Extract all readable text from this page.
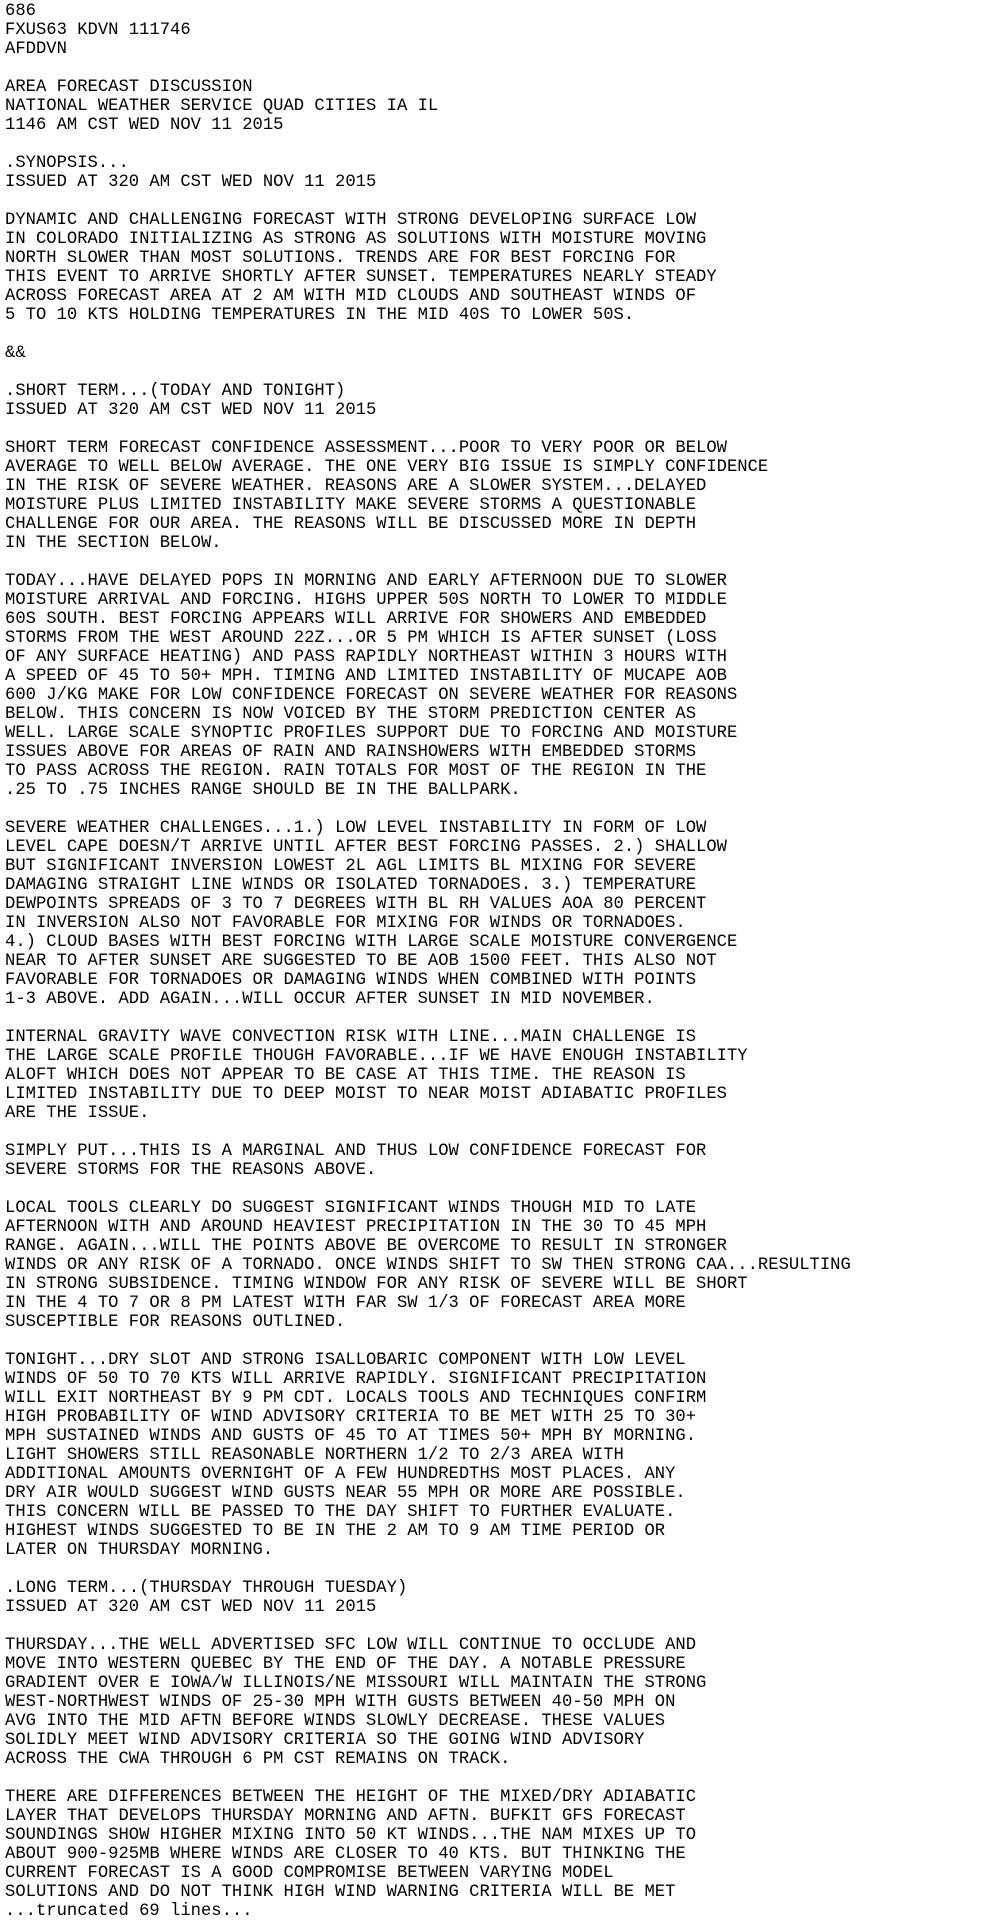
686
FXUS63 KDVN 111746
AFDDVN
AREA FORECAST DISCUSSION
NATIONAL WEATHER SERVICE QUAD CITIES IA IL
1146 AM CST WED NOV 11 2015
.SYNOPSIS...
ISSUED AT 320 AM CST WED NOV 11 2015
DYNAMIC AND CHALLENGING FORECAST WITH STRONG DEVELOPING SURFACE LOW
IN COLORADO INITIALIZING AS STRONG AS SOLUTIONS WITH MOISTURE MOVING
NORTH SLOWER THAN MOST SOLUTIONS. TRENDS ARE FOR BEST FORCING FOR
THIS EVENT TO ARRIVE SHORTLY AFTER SUNSET. TEMPERATURES NEARLY STEADY
ACROSS FORECAST AREA AT 2 AM WITH MID CLOUDS AND SOUTHEAST WINDS OF
5 TO 10 KTS HOLDING TEMPERATURES IN THE MID 40S TO LOWER 50S.
&&
.SHORT TERM...(TODAY AND TONIGHT)
ISSUED AT 320 AM CST WED NOV 11 2015
SHORT TERM FORECAST CONFIDENCE ASSESSMENT...POOR TO VERY POOR OR BELOW
AVERAGE TO WELL BELOW AVERAGE. THE ONE VERY BIG ISSUE IS SIMPLY CONFIDENCE
IN THE RISK OF SEVERE WEATHER. REASONS ARE A SLOWER SYSTEM...DELAYED
MOISTURE PLUS LIMITED INSTABILITY MAKE SEVERE STORMS A QUESTIONABLE
CHALLENGE FOR OUR AREA. THE REASONS WILL BE DISCUSSED MORE IN DEPTH
IN THE SECTION BELOW.
TODAY...HAVE DELAYED POPS IN MORNING AND EARLY AFTERNOON DUE TO SLOWER
MOISTURE ARRIVAL AND FORCING. HIGHS UPPER 50S NORTH TO LOWER TO MIDDLE
60S SOUTH. BEST FORCING APPEARS WILL ARRIVE FOR SHOWERS AND EMBEDDED
STORMS FROM THE WEST AROUND 22Z...OR 5 PM WHICH IS AFTER SUNSET (LOSS
OF ANY SURFACE HEATING) AND PASS RAPIDLY NORTHEAST WITHIN 3 HOURS WITH
A SPEED OF 45 TO 50+ MPH. TIMING AND LIMITED INSTABILITY OF MUCAPE AOB
600 J/KG MAKE FOR LOW CONFIDENCE FORECAST ON SEVERE WEATHER FOR REASONS
BELOW. THIS CONCERN IS NOW VOICED BY THE STORM PREDICTION CENTER AS
WELL. LARGE SCALE SYNOPTIC PROFILES SUPPORT DUE TO FORCING AND MOISTURE
ISSUES ABOVE FOR AREAS OF RAIN AND RAINSHOWERS WITH EMBEDDED STORMS
TO PASS ACROSS THE REGION. RAIN TOTALS FOR MOST OF THE REGION IN THE
.25 TO .75 INCHES RANGE SHOULD BE IN THE BALLPARK.
SEVERE WEATHER CHALLENGES...1.) LOW LEVEL INSTABILITY IN FORM OF LOW
LEVEL CAPE DOESN/T ARRIVE UNTIL AFTER BEST FORCING PASSES. 2.) SHALLOW
BUT SIGNIFICANT INVERSION LOWEST 2L AGL LIMITS BL MIXING FOR SEVERE
DAMAGING STRAIGHT LINE WINDS OR ISOLATED TORNADOES. 3.) TEMPERATURE
DEWPOINTS SPREADS OF 3 TO 7 DEGREES WITH BL RH VALUES AOA 80 PERCENT
IN INVERSION ALSO NOT FAVORABLE FOR MIXING FOR WINDS OR TORNADOES.
4.) CLOUD BASES WITH BEST FORCING WITH LARGE SCALE MOISTURE CONVERGENCE
NEAR TO AFTER SUNSET ARE SUGGESTED TO BE AOB 1500 FEET. THIS ALSO NOT
FAVORABLE FOR TORNADOES OR DAMAGING WINDS WHEN COMBINED WITH POINTS
1-3 ABOVE. ADD AGAIN...WILL OCCUR AFTER SUNSET IN MID NOVEMBER.
INTERNAL GRAVITY WAVE CONVECTION RISK WITH LINE...MAIN CHALLENGE IS
THE LARGE SCALE PROFILE THOUGH FAVORABLE...IF WE HAVE ENOUGH INSTABILITY
ALOFT WHICH DOES NOT APPEAR TO BE CASE AT THIS TIME. THE REASON IS
LIMITED INSTABILITY DUE TO DEEP MOIST TO NEAR MOIST ADIABATIC PROFILES
ARE THE ISSUE.
SIMPLY PUT...THIS IS A MARGINAL AND THUS LOW CONFIDENCE FORECAST FOR
SEVERE STORMS FOR THE REASONS ABOVE.
LOCAL TOOLS CLEARLY DO SUGGEST SIGNIFICANT WINDS THOUGH MID TO LATE
AFTERNOON WITH AND AROUND HEAVIEST PRECIPITATION IN THE 30 TO 45 MPH
RANGE. AGAIN...WILL THE POINTS ABOVE BE OVERCOME TO RESULT IN STRONGER
WINDS OR ANY RISK OF A TORNADO. ONCE WINDS SHIFT TO SW THEN STRONG CAA...RESULTING
IN STRONG SUBSIDENCE. TIMING WINDOW FOR ANY RISK OF SEVERE WILL BE SHORT
IN THE 4 TO 7 OR 8 PM LATEST WITH FAR SW 1/3 OF FORECAST AREA MORE
SUSCEPTIBLE FOR REASONS OUTLINED.
TONIGHT...DRY SLOT AND STRONG ISALLOBARIC COMPONENT WITH LOW LEVEL
WINDS OF 50 TO 70 KTS WILL ARRIVE RAPIDLY. SIGNIFICANT PRECIPITATION
WILL EXIT NORTHEAST BY 9 PM CDT. LOCALS TOOLS AND TECHNIQUES CONFIRM
HIGH PROBABILITY OF WIND ADVISORY CRITERIA TO BE MET WITH 25 TO 30+
MPH SUSTAINED WINDS AND GUSTS OF 45 TO AT TIMES 50+ MPH BY MORNING.
LIGHT SHOWERS STILL REASONABLE NORTHERN 1/2 TO 2/3 AREA WITH
ADDITIONAL AMOUNTS OVERNIGHT OF A FEW HUNDREDTHS MOST PLACES. ANY
DRY AIR WOULD SUGGEST WIND GUSTS NEAR 55 MPH OR MORE ARE POSSIBLE.
THIS CONCERN WILL BE PASSED TO THE DAY SHIFT TO FURTHER EVALUATE.
HIGHEST WINDS SUGGESTED TO BE IN THE 2 AM TO 9 AM TIME PERIOD OR
LATER ON THURSDAY MORNING.
.LONG TERM...(THURSDAY THROUGH TUESDAY)
ISSUED AT 320 AM CST WED NOV 11 2015
THURSDAY...THE WELL ADVERTISED SFC LOW WILL CONTINUE TO OCCLUDE AND
MOVE INTO WESTERN QUEBEC BY THE END OF THE DAY. A NOTABLE PRESSURE
GRADIENT OVER E IOWA/W ILLINOIS/NE MISSOURI WILL MAINTAIN THE STRONG
WEST-NORTHWEST WINDS OF 25-30 MPH WITH GUSTS BETWEEN 40-50 MPH ON
AVG INTO THE MID AFTN BEFORE WINDS SLOWLY DECREASE. THESE VALUES
SOLIDLY MEET WIND ADVISORY CRITERIA SO THE GOING WIND ADVISORY
ACROSS THE CWA THROUGH 6 PM CST REMAINS ON TRACK.
THERE ARE DIFFERENCES BETWEEN THE HEIGHT OF THE MIXED/DRY ADIABATIC
LAYER THAT DEVELOPS THURSDAY MORNING AND AFTN. BUFKIT GFS FORECAST
SOUNDINGS SHOW HIGHER MIXING INTO 50 KT WINDS...THE NAM MIXES UP TO
ABOUT 900-925MB WHERE WINDS ARE CLOSER TO 40 KTS. BUT THINKING THE
CURRENT FORECAST IS A GOOD COMPROMISE BETWEEN VARYING MODEL
SOLUTIONS AND DO NOT THINK HIGH WIND WARNING CRITERIA WILL BE MET
...truncated 69 lines...
